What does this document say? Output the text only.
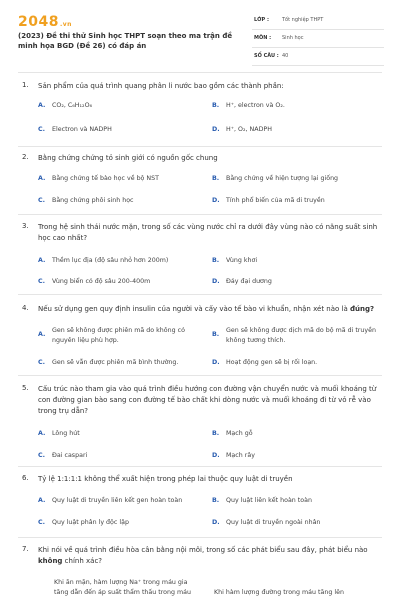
2048.vn
(2023) Đề thi thử Sinh học THPT soạn theo ma trận đề minh họa BGD (Đề 26) có đáp án
LỚP :	Tốt nghiệp THPT
MÔN : Sinh học
SỐ CÂU : 40
1. Sản phẩm của quá trình quang phân li nước bao gồm các thành phần:
A. CO₂, C₆H₁₂O₆	B. H⁺, electron và O₂.
C. Electron và NADPH	D. H⁺, O₂, NADPH
2. Bằng chứng chứng tỏ sinh giới có nguồn gốc chung
A. Bằng chứng tế bào học về bộ NST	B. Bằng chứng về hiện tượng lại giống
C. Bằng chứng phôi sinh học	D. Tính phổ biến của mã di truyền
3. Trong hệ sinh thái nước mặn, trong số các vùng nước chỉ ra dưới đây vùng nào có năng suất sinh học cao nhất?
A. Thềm lục địa (độ sâu nhỏ hơn 200m)	B. Vùng khơi
C. Vùng biển có độ sâu 200-400m	D. Đáy đại dương
4. Nếu sử dụng gen quy định insulin của người và cấy vào tế bào vi khuẩn, nhận xét nào là đúng?
A.
Gen sẽ không được phiên mã do không có nguyên liệu phù hợp.
B.
Gen sẽ không được dịch mã do bộ mã di truyền không tương thích.
C. Gen sẽ vẫn được phiên mã bình thường.	D. Hoạt động gen sẽ bị rối loạn.
5. Cấu trúc nào tham gia vào quá trình điều hướng con đường vận chuyển nước và muối khoáng từ con đường gian bào sang con đường tế bào chất khi dòng nước và muối khoáng đi từ vỏ rễ vào trong trụ dẫn?
A. Lông hút	B. Mạch gỗ
C. Đai caspari	D. Mạch rây
6. Tỷ lệ 1:1:1:1 không thể xuất hiện trong phép lai thuộc quy luật di truyền
A. Quy luật di truyền liên kết gen hoàn toàn	B. Quy luật liên kết hoàn toàn
C. Quy luật phân ly độc lập	D. Quy luật di truyền ngoài nhân
7. Khi nói về quá trình điều hòa cân bằng nội môi, trong số các phát biểu sau đây, phát biểu nào không chính xác?
Khi ăn mặn, hàm lượng Na⁺ trong máu gia tăng dẫn đến áp suất thẩm thấu trong máu	Khi hàm lượng đường trong máu tăng lên
